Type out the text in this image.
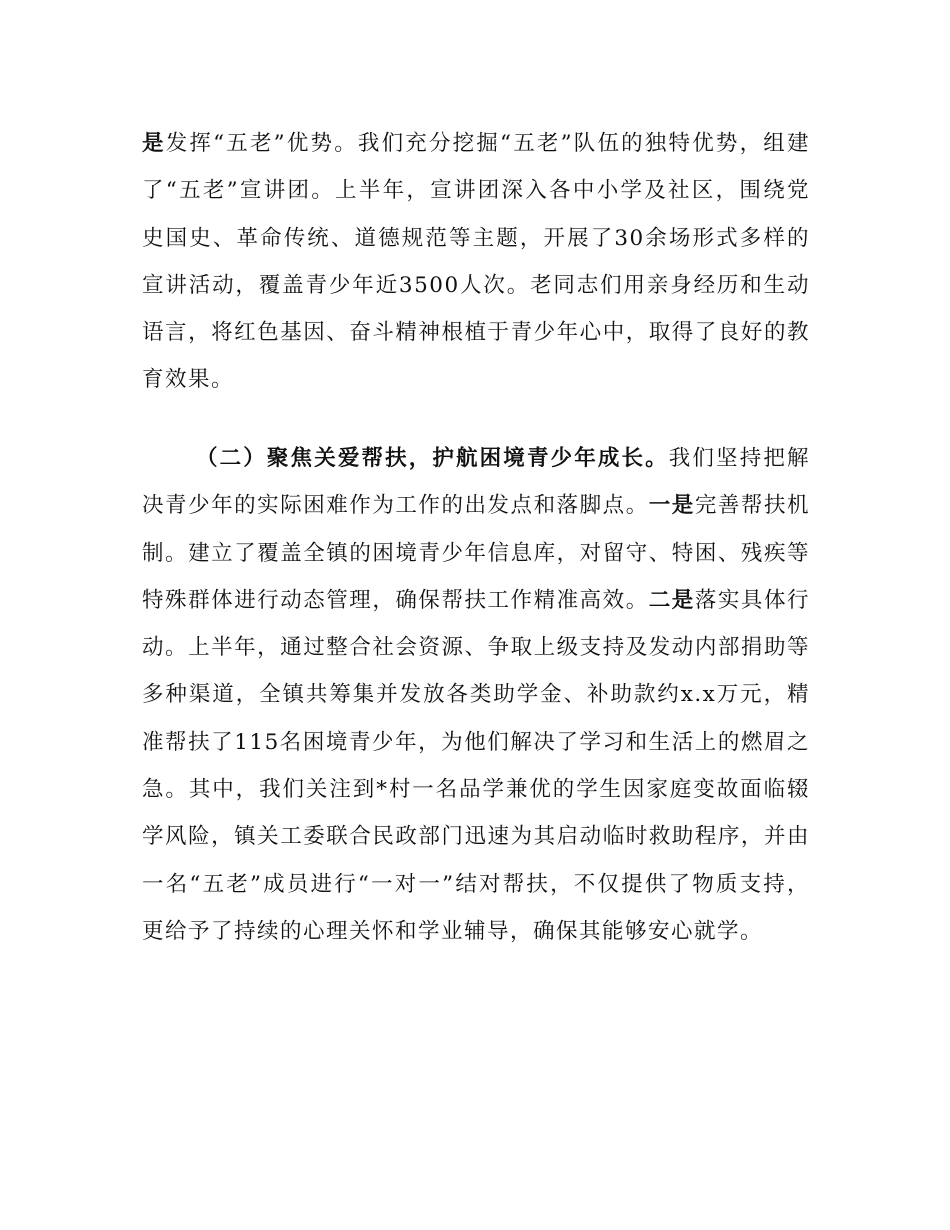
是发挥“五老”优势。我们充分挖掘“五老”队伍的独特优势，组建了“五老”宣讲团。上半年，宣讲团深入各中小学及社区，围绕党史国史、革命传统、道德规范等主题，开展了30余场形式多样的宣讲活动，覆盖青少年近3500人次。老同志们用亲身经历和生动语言，将红色基因、奋斗精神根植于青少年心中，取得了良好的教育效果。

（二）聚焦关爱帮扶，护航困境青少年成长。我们坚持把解决青少年的实际困难作为工作的出发点和落脚点。一是完善帮扶机制。建立了覆盖全镇的困境青少年信息库，对留守、特困、残疾等特殊群体进行动态管理，确保帮扶工作精准高效。二是落实具体行动。上半年，通过整合社会资源、争取上级支持及发动内部捐助等多种渠道，全镇共筹集并发放各类助学金、补助款约x.x万元，精准帮扶了115名困境青少年，为他们解决了学习和生活上的燃眉之急。其中，我们关注到*村一名品学兼优的学生因家庭变故面临辍学风险，镇关工委联合民政部门迅速为其启动临时救助程序，并由一名“五老”成员进行“一对一”结对帮扶，不仅提供了物质支持，更给予了持续的心理关怀和学业辅导，确保其能够安心就学。
